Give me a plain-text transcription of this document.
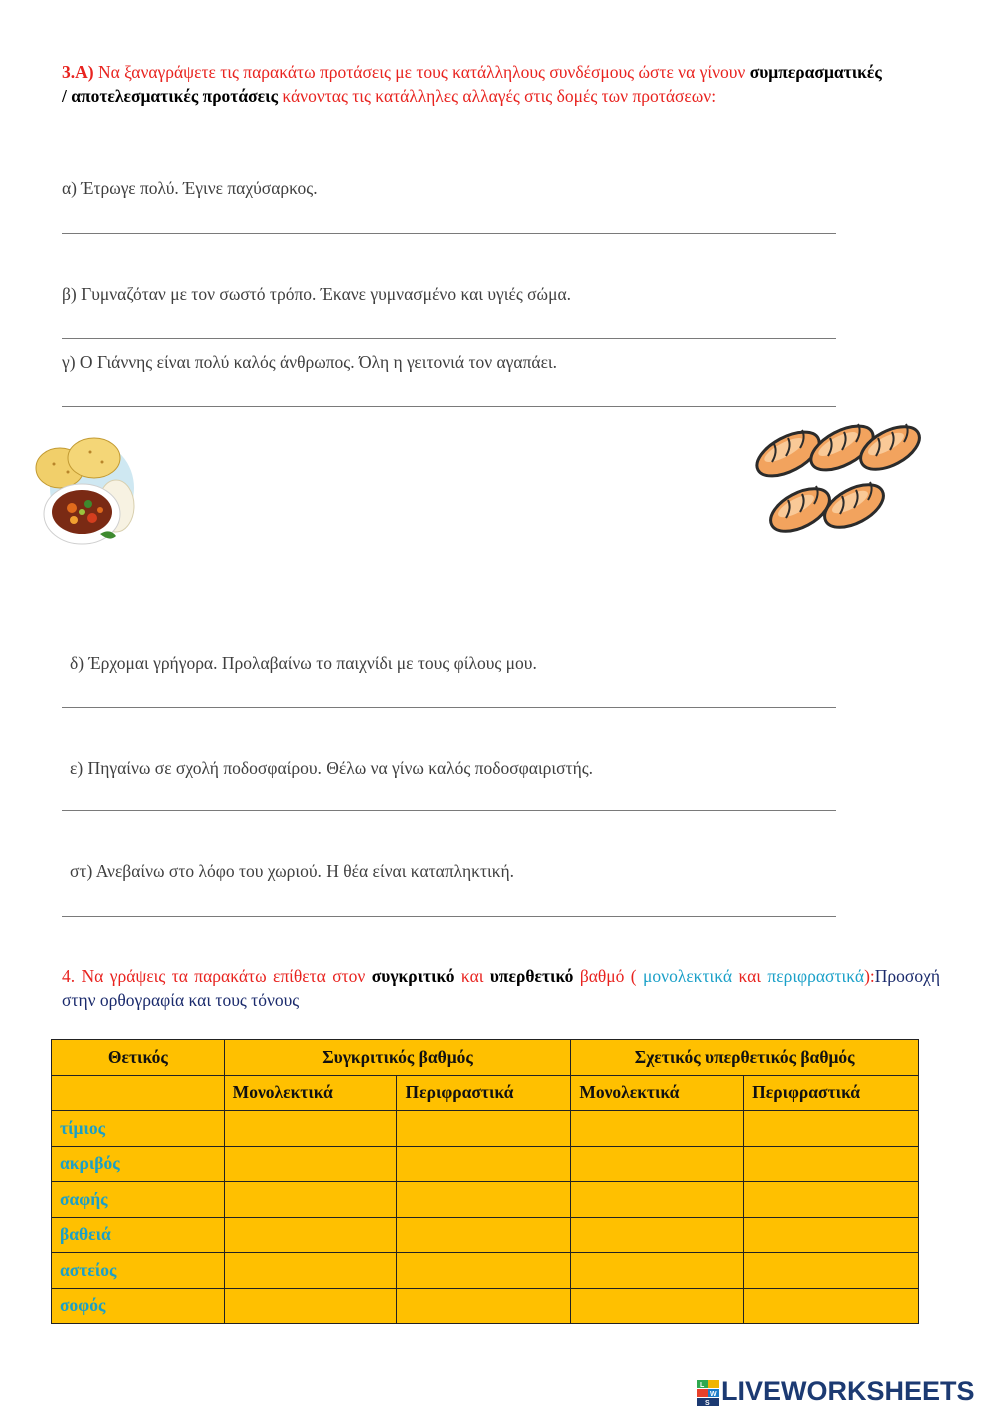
3.A) Να ξαναγράψετε τις παρακάτω προτάσεις με τους κατάλληλους συνδέσμους ώστε να γίνουν συμπερασματικές / αποτελεσματικές προτάσεις κάνοντας τις κατάλληλες αλλαγές στις δομές των προτάσεων:
α) Έτρωγε πολύ. Έγινε παχύσαρκος.
β) Γυμναζόταν με τον σωστό τρόπο. Έκανε γυμνασμένο και υγιές σώμα.
γ) Ο Γιάννης είναι πολύ καλός άνθρωπος. Όλη η γειτονιά τον αγαπάει.
δ) Έρχομαι γρήγορα. Προλαβαίνω το παιχνίδι με τους φίλους μου.
ε) Πηγαίνω σε σχολή ποδοσφαίρου. Θέλω να γίνω καλός ποδοσφαιριστής.
στ) Ανεβαίνω στο λόφο του χωριού. Η θέα είναι καταπληκτική.
4. Να γράψεις τα παρακάτω επίθετα στον συγκριτικό και υπερθετικό βαθμό ( μονολεκτικά και περιφραστικά):Προσοχή στην ορθογραφία και τους τόνους
Θετικός	Συγκριτικός βαθμός		Σχετικός υπερθετικός βαθμός	
	Μονολεκτικά	Περιφραστικά	Μονολεκτικά	Περιφραστικά
τίμιος				
ακριβός				
σαφής				
βαθειά				
αστείος				
σοφός				
L
W
S LIVEWORKSHEETS
